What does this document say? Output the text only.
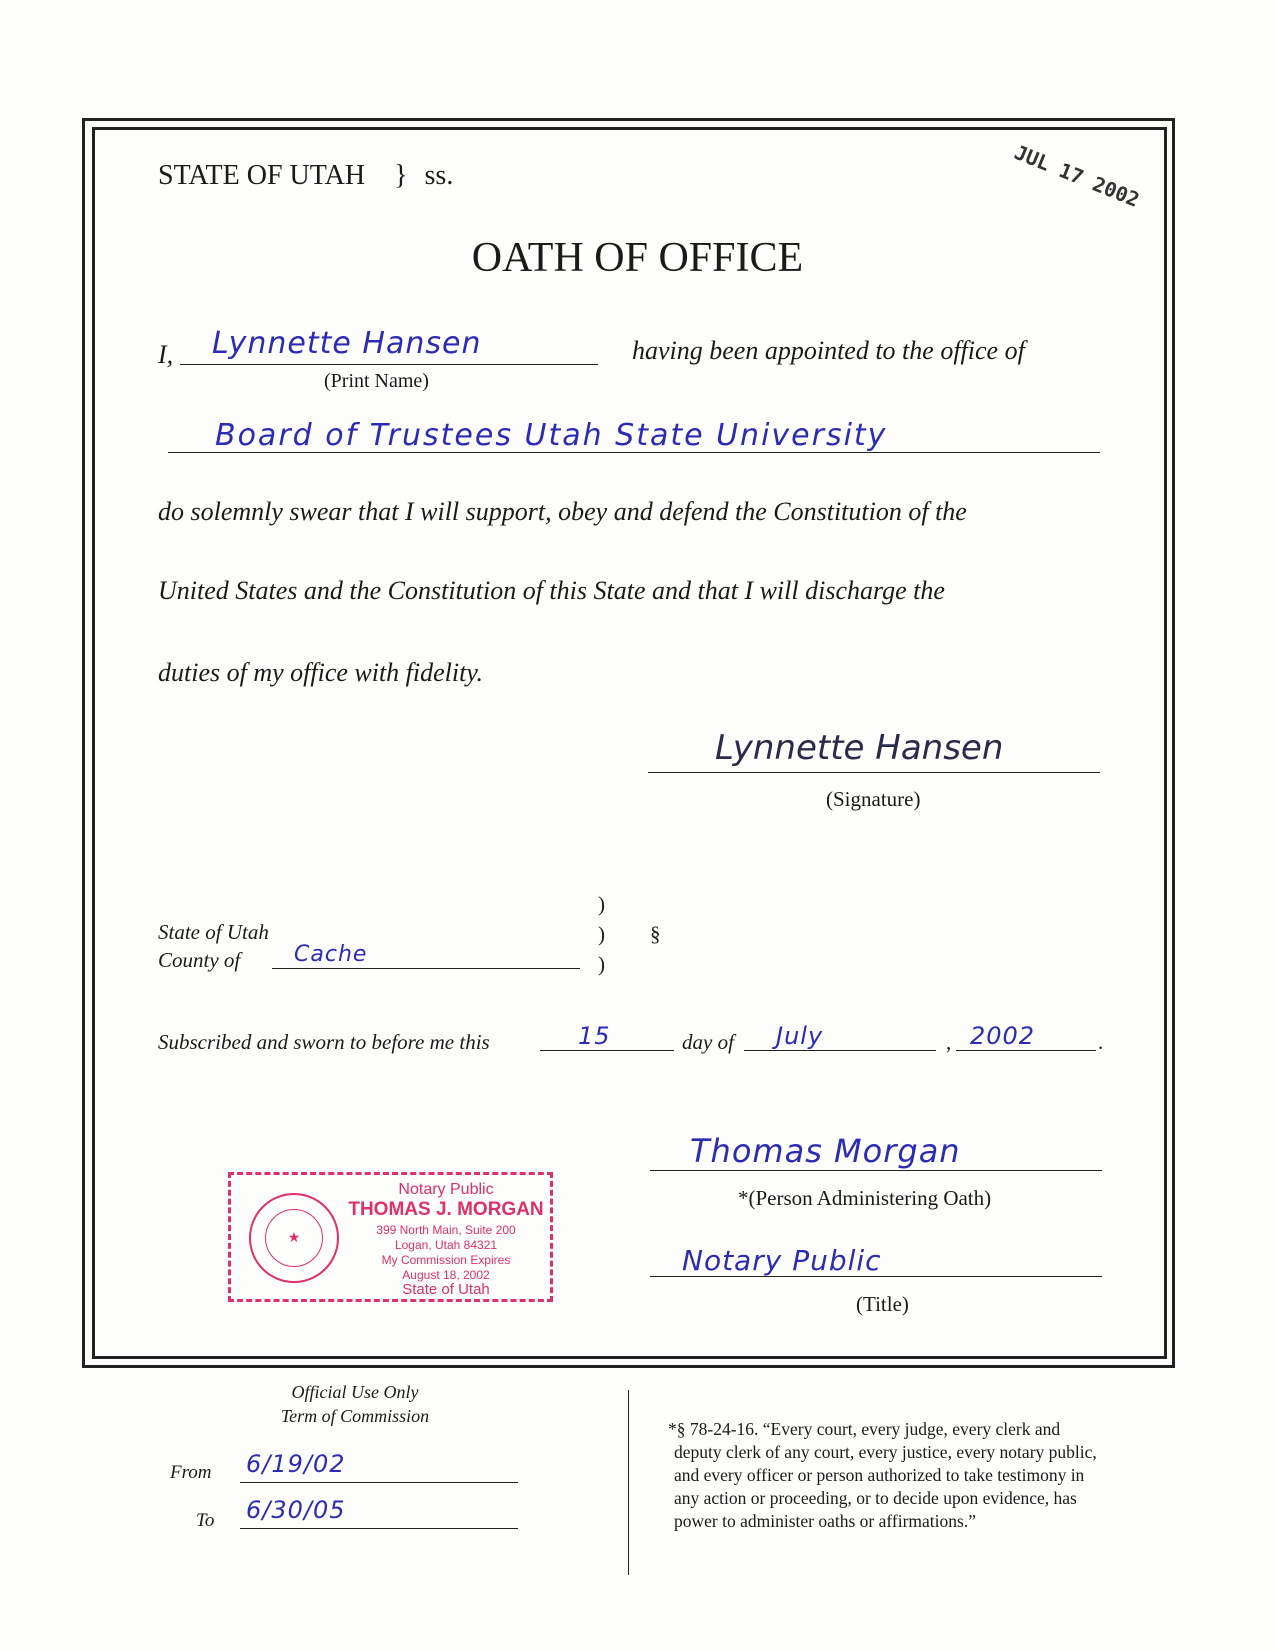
STATE OF UTAH } ss.	JUL 17 2002
OATH OF OFFICE
I, Lynnette Hansen
(Print Name)
having been appointed to the office of
Board of Trustees Utah State University
do solemnly swear that I will support, obey and defend the Constitution of the
United States and the Constitution of this State and that I will discharge the
duties of my office with fidelity.
Lynnette Hansen
(Signature)
State of Utah
County of Cache
)
)
)
§
Subscribed and sworn to before me this	15	day of July	, 2002	.
★
Notary Public
THOMAS J. MORGAN
399 North Main, Suite 200
Logan, Utah 84321
My Commission Expires
August 18, 2002
State of Utah
Thomas Morgan
*(Person Administering Oath)
Notary Public
(Title)
Official Use Only
Term of Commission
From 6/19/02
To 6/30/05
*§ 78-24-16. “Every court, every judge, every clerk and
deputy clerk of any court, every justice, every notary public,
and every officer or person authorized to take testimony in
any action or proceeding, or to decide upon evidence, has
power to administer oaths or affirmations.”
